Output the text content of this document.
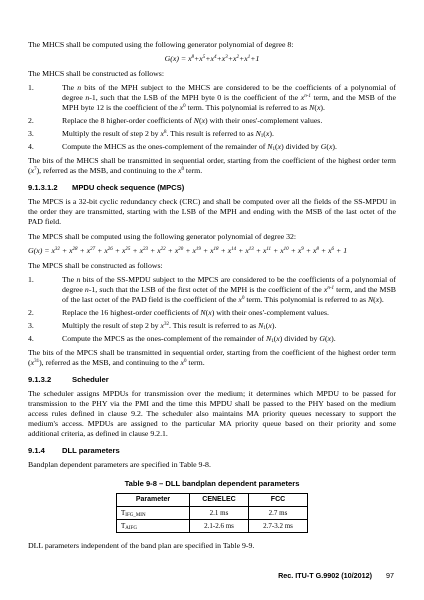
The MHCS shall be computed using the following generator polynomial of degree 8:

$G(x) = x^8+x^5+x^4+x^3+x^2+x^1+1$

The MHCS shall be constructed as follows:

1.	The n bits of the MPH subject to the MHCS are considered to be the coefficients of a polynomial of degree n-1, such that the LSB of the MPH byte 0 is the coefficient of the $x^{n-1}$ term, and the MSB of the MPH byte 12 is the coefficient of the $x^0$ term. This polynomial is referred to as N(x).
2.	Replace the 8 higher-order coefficients of N(x) with their ones'-complement values.
3.	Multiply the result of step 2 by $x^8$. This result is referred to as $N_1(x)$.
4.	Compute the MHCS as the ones-complement of the remainder of $N_1(x)$ divided by G(x).

The bits of the MHCS shall be transmitted in sequential order, starting from the coefficient of the highest order term $(x^7)$, referred as the MSB, and continuing to the $x^0$ term.

9.1.3.1.2 MPDU check sequence (MPCS)

The MPCS is a 32-bit cyclic redundancy check (CRC) and shall be computed over all the fields of the SS-MPDU in the order they are transmitted, starting with the LSB of the MPH and ending with the MSB of the last octet of the PAD field.

The MPCS shall be computed using the following generator polynomial of degree 32:

$G(x) = x^{32} + x^{28} + x^{27} + x^{26} + x^{25} + x^{23} + x^{22} + x^{20} + x^{19} + x^{18} + x^{14} + x^{13} + x^{11} + x^{10} + x^9 + x^8 + x^6 + 1$

The MPCS shall be constructed as follows:

1.	The n bits of the SS-MPDU subject to the MPCS are considered to be the coefficients of a polynomial of degree n-1, such that the LSB of the first octet of the MPH is the coefficient of the $x^{n-1}$ term, and the MSB of the last octet of the PAD field is the coefficient of the $x^0$ term. This polynomial is referred to as N(x).
2.	Replace the 16 highest-order coefficients of N(x) with their ones'-complement values.
3.	Multiply the result of step 2 by $x^{32}$. This result is referred to as $N_1(x)$.
4.	Compute the MPCS as the ones-complement of the remainder of $N_1(x)$ divided by G(x).

The bits of the MPCS shall be transmitted in sequential order, starting from the coefficient of the highest order term $(x^{31})$, referred as the MSB, and continuing to the $x^0$ term.

9.1.3.2	Scheduler

The scheduler assigns MPDUs for transmission over the medium; it determines which MPDU to be passed for transmission to the PHY via the PMI and the time this MPDU shall be passed to the PHY based on the medium access rules defined in clause 9.2. The scheduler also maintains MA priority queues necessary to support the medium's access. MPDUs are assigned to the particular MA priority queue based on their priority and some additional criteria, as defined in clause 9.2.1.

9.1.4 DLL parameters

Bandplan dependent parameters are specified in Table 9-8.

Table 9-8 – DLL bandplan dependent parameters
Parameter	CENELEC	FCC
$T_{IFG\_MIN}$	2.1 ms	2.7 ms
$T_{AIFG}$	2.1-2.6 ms	2.7-3.2 ms

DLL parameters independent of the band plan are specified in Table 9-9.

Rec. ITU-T G.9902 (10/2012) 97
